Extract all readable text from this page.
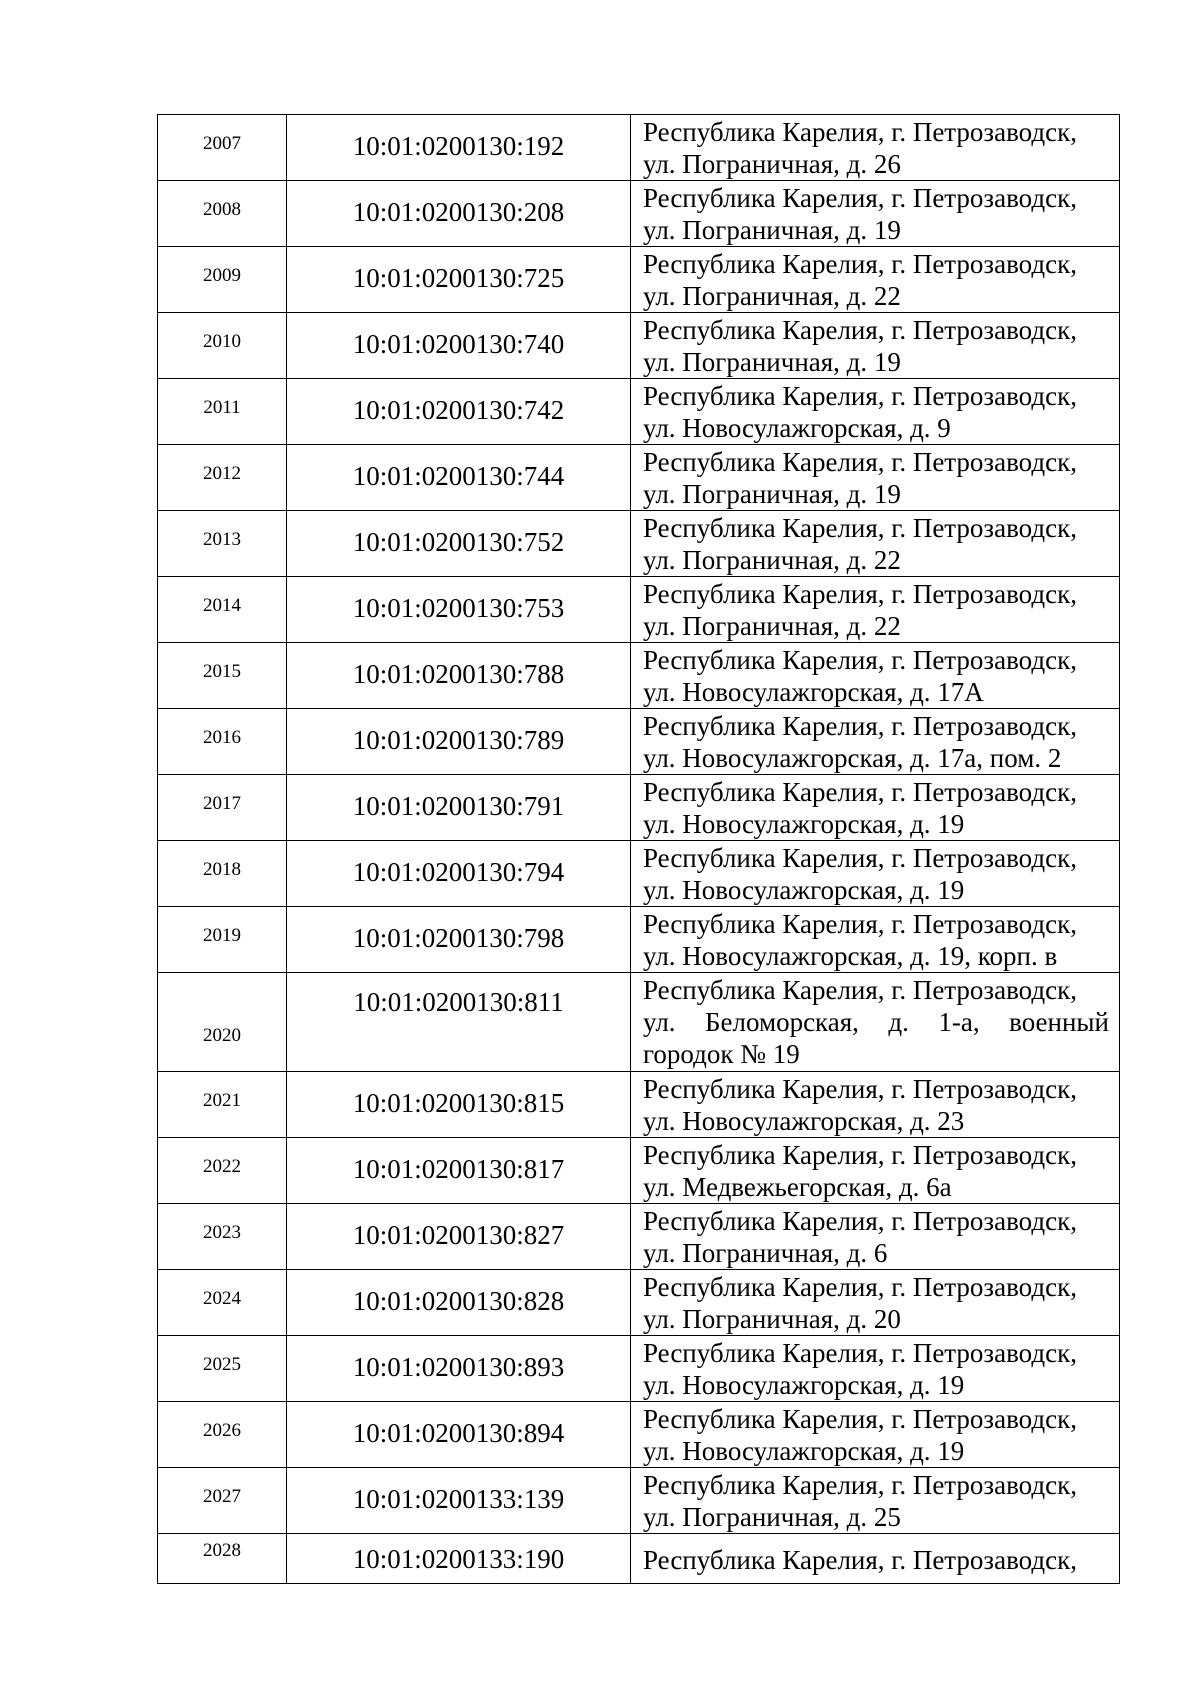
2007	10:01:0200130:192	Республика Карелия, г. Петрозаводск,
ул. Пограничная, д. 26

2008	10:01:0200130:208	Республика Карелия, г. Петрозаводск,
ул. Пограничная, д. 19

2009	10:01:0200130:725	Республика Карелия, г. Петрозаводск,
ул. Пограничная, д. 22

2010	10:01:0200130:740	Республика Карелия, г. Петрозаводск,
ул. Пограничная, д. 19

2011	10:01:0200130:742	Республика Карелия, г. Петрозаводск,
ул. Новосулажгорская, д. 9

2012	10:01:0200130:744	Республика Карелия, г. Петрозаводск,
ул. Пограничная, д. 19

2013	10:01:0200130:752	Республика Карелия, г. Петрозаводск,
ул. Пограничная, д. 22

2014	10:01:0200130:753	Республика Карелия, г. Петрозаводск,
ул. Пограничная, д. 22

2015	10:01:0200130:788	Республика Карелия, г. Петрозаводск,
ул. Новосулажгорская, д. 17А

2016	10:01:0200130:789	Республика Карелия, г. Петрозаводск,
ул. Новосулажгорская, д. 17а, пом. 2

2017	10:01:0200130:791	Республика Карелия, г. Петрозаводск,
ул. Новосулажгорская, д. 19

2018	10:01:0200130:794	Республика Карелия, г. Петрозаводск,
ул. Новосулажгорская, д. 19

2019	10:01:0200130:798	Республика Карелия, г. Петрозаводск,
ул. Новосулажгорская, д. 19, корп. в

2020	10:01:0200130:811	Республика Карелия, г. Петрозаводск,
ул. Беломорская, д. 1-а, военный
городок № 19

2021	10:01:0200130:815	Республика Карелия, г. Петрозаводск,
ул. Новосулажгорская, д. 23

2022	10:01:0200130:817	Республика Карелия, г. Петрозаводск,
ул. Медвежьегорская, д. 6а

2023	10:01:0200130:827	Республика Карелия, г. Петрозаводск,
ул. Пограничная, д. 6

2024	10:01:0200130:828	Республика Карелия, г. Петрозаводск,
ул. Пограничная, д. 20

2025	10:01:0200130:893	Республика Карелия, г. Петрозаводск,
ул. Новосулажгорская, д. 19

2026	10:01:0200130:894	Республика Карелия, г. Петрозаводск,
ул. Новосулажгорская, д. 19

2027	10:01:0200133:139	Республика Карелия, г. Петрозаводск,
ул. Пограничная, д. 25

2028	10:01:0200133:190	Республика Карелия, г. Петрозаводск,
